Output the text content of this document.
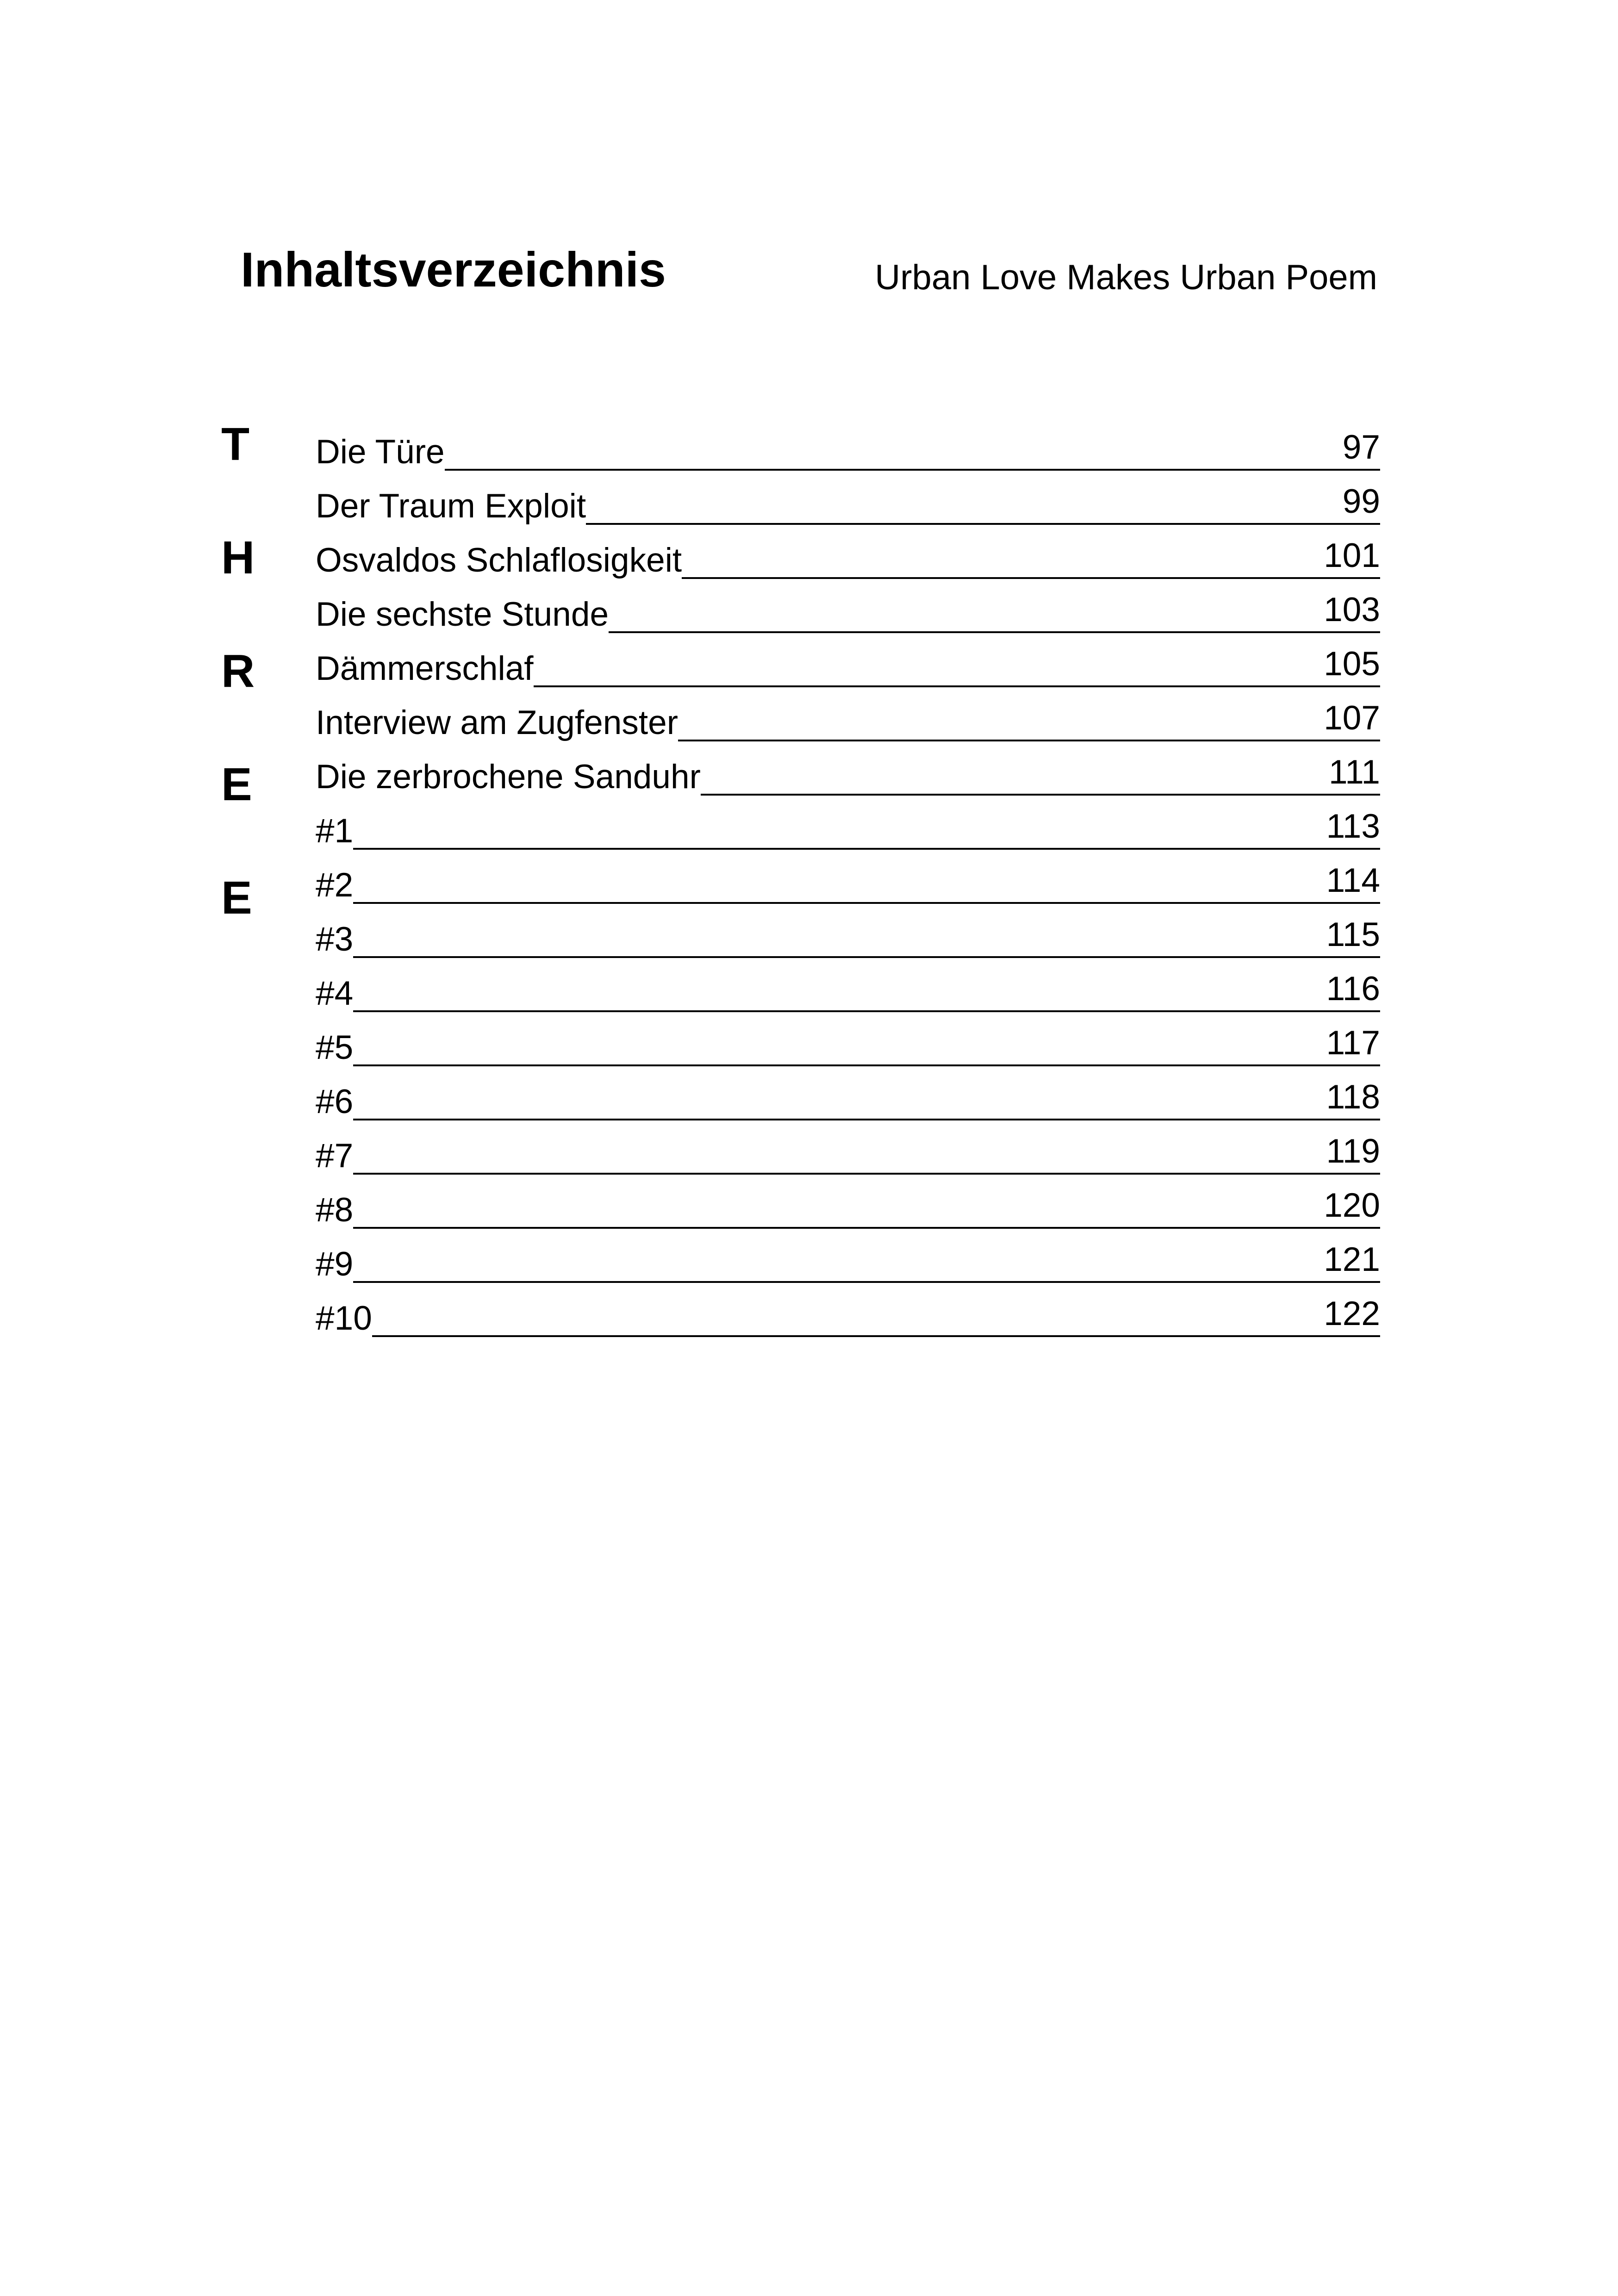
Inhaltsverzeichnis	Urban Love Makes Urban Poem
T
H
R
E
E
Die Türe	97
Der Traum Exploit	99
Osvaldos Schlaflosigkeit	101
Die sechste Stunde	103
Dämmerschlaf	105
Interview am Zugfenster	107
Die zerbrochene Sanduhr	111
#1	113
#2	114
#3	115
#4	116
#5	117
#6	118
#7	119
#8	120
#9	121
#10	122
